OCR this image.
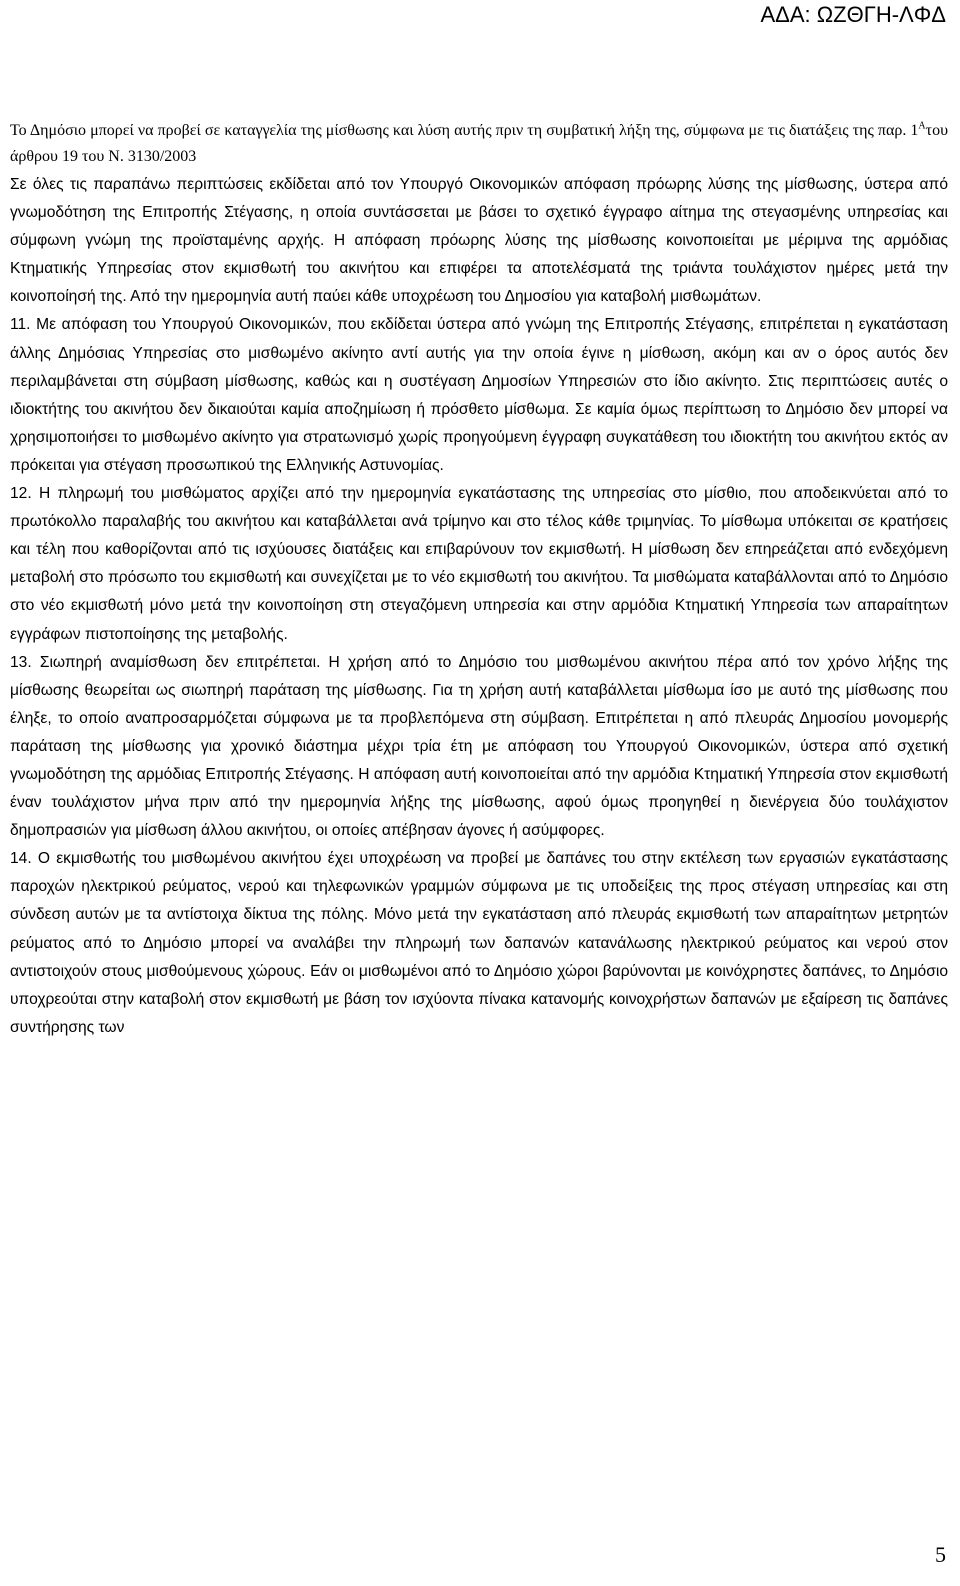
ΑΔΑ: ΩΖΘΓΗ-ΛΦΔ
Το Δημόσιο μπορεί να προβεί σε καταγγελία της μίσθωσης και λύση αυτής πριν τη συμβατική λήξη της, σύμφωνα με τις διατάξεις της παρ. $1^A\tau o\upsilon$ άρθρου 19 του Ν. 3130/2003

Σε όλες τις παραπάνω περιπτώσεις εκδίδεται από τον Υπουργό Οικονομικών απόφαση πρόωρης λύσης της μίσθωσης, ύστερα από γνωμοδότηση της Επιτροπής Στέγασης, η οποία συντάσσεται με βάσει το σχετικό έγγραφο αίτημα της στεγασμένης υπηρεσίας και σύμφωνη γνώμη της προϊσταμένης αρχής. Η απόφαση πρόωρης λύσης της μίσθωσης κοινοποιείται με μέριμνα της αρμόδιας Κτηματικής Υπηρεσίας στον εκμισθωτή του ακινήτου και επιφέρει τα αποτελέσματά της τριάντα τουλάχιστον ημέρες μετά την κοινοποίησή της. Από την ημερομηνία αυτή παύει κάθε υποχρέωση του Δημοσίου για καταβολή μισθωμάτων.

11. Με απόφαση του Υπουργού Οικονομικών, που εκδίδεται ύστερα από γνώμη της Επιτροπής Στέγασης, επιτρέπεται η εγκατάσταση άλλης Δημόσιας Υπηρεσίας στο μισθωμένο ακίνητο αντί αυτής για την οποία έγινε η μίσθωση, ακόμη και αν ο όρος αυτός δεν περιλαμβάνεται στη σύμβαση μίσθωσης, καθώς και η συστέγαση Δημοσίων Υπηρεσιών στο ίδιο ακίνητο. Στις περιπτώσεις αυτές ο ιδιοκτήτης του ακινήτου δεν δικαιούται καμία αποζημίωση ή πρόσθετο μίσθωμα. Σε καμία όμως περίπτωση το Δημόσιο δεν μπορεί να χρησιμοποιήσει το μισθωμένο ακίνητο για στρατωνισμό χωρίς προηγούμενη έγγραφη συγκατάθεση του ιδιοκτήτη του ακινήτου εκτός αν πρόκειται για στέγαση προσωπικού της Ελληνικής Αστυνομίας.

12. Η πληρωμή του μισθώματος αρχίζει από την ημερομηνία εγκατάστασης της υπηρεσίας στο μίσθιο, που αποδεικνύεται από το πρωτόκολλο παραλαβής του ακινήτου και καταβάλλεται ανά τρίμηνο και στο τέλος κάθε τριμηνίας. Το μίσθωμα υπόκειται σε κρατήσεις και τέλη που καθορίζονται από τις ισχύουσες διατάξεις και επιβαρύνουν τον εκμισθωτή. Η μίσθωση δεν επηρεάζεται από ενδεχόμενη μεταβολή στο πρόσωπο του εκμισθωτή και συνεχίζεται με το νέο εκμισθωτή του ακινήτου. Τα μισθώματα καταβάλλονται από το Δημόσιο στο νέο εκμισθωτή μόνο μετά την κοινοποίηση στη στεγαζόμενη υπηρεσία και στην αρμόδια Κτηματική Υπηρεσία των απαραίτητων εγγράφων πιστοποίησης της μεταβολής.

13. Σιωπηρή αναμίσθωση δεν επιτρέπεται. Η χρήση από το Δημόσιο του μισθωμένου ακινήτου πέρα από τον χρόνο λήξης της μίσθωσης θεωρείται ως σιωπηρή παράταση της μίσθωσης. Για τη χρήση αυτή καταβάλλεται μίσθωμα ίσο με αυτό της μίσθωσης που έληξε, το οποίο αναπροσαρμόζεται σύμφωνα με τα προβλεπόμενα στη σύμβαση. Επιτρέπεται η από πλευράς Δημοσίου μονομερής παράταση της μίσθωσης για χρονικό διάστημα μέχρι τρία έτη με απόφαση του Υπουργού Οικονομικών, ύστερα από σχετική γνωμοδότηση της αρμόδιας Επιτροπής Στέγασης. Η απόφαση αυτή κοινοποιείται από την αρμόδια Κτηματική Υπηρεσία στον εκμισθωτή έναν τουλάχιστον μήνα πριν από την ημερομηνία λήξης της μίσθωσης, αφού όμως προηγηθεί η διενέργεια δύο τουλάχιστον δημοπρασιών για μίσθωση άλλου ακινήτου, οι οποίες απέβησαν άγονες ή ασύμφορες.

14. Ο εκμισθωτής του μισθωμένου ακινήτου έχει υποχρέωση να προβεί με δαπάνες του στην εκτέλεση των εργασιών εγκατάστασης παροχών ηλεκτρικού ρεύματος, νερού και τηλεφωνικών γραμμών σύμφωνα με τις υποδείξεις της προς στέγαση υπηρεσίας και στη σύνδεση αυτών με τα αντίστοιχα δίκτυα της πόλης. Μόνο μετά την εγκατάσταση από πλευράς εκμισθωτή των απαραίτητων μετρητών ρεύματος από το Δημόσιο μπορεί να αναλάβει την πληρωμή των δαπανών κατανάλωσης ηλεκτρικού ρεύματος και νερού στον αντιστοιχούν στους μισθούμενους χώρους. Εάν οι μισθωμένοι από το Δημόσιο χώροι βαρύνονται με κοινόχρηστες δαπάνες, το Δημόσιο υποχρεούται στην καταβολή στον εκμισθωτή με βάση τον ισχύοντα πίνακα κατανομής κοινοχρήστων δαπανών με εξαίρεση τις δαπάνες συντήρησης των

5
